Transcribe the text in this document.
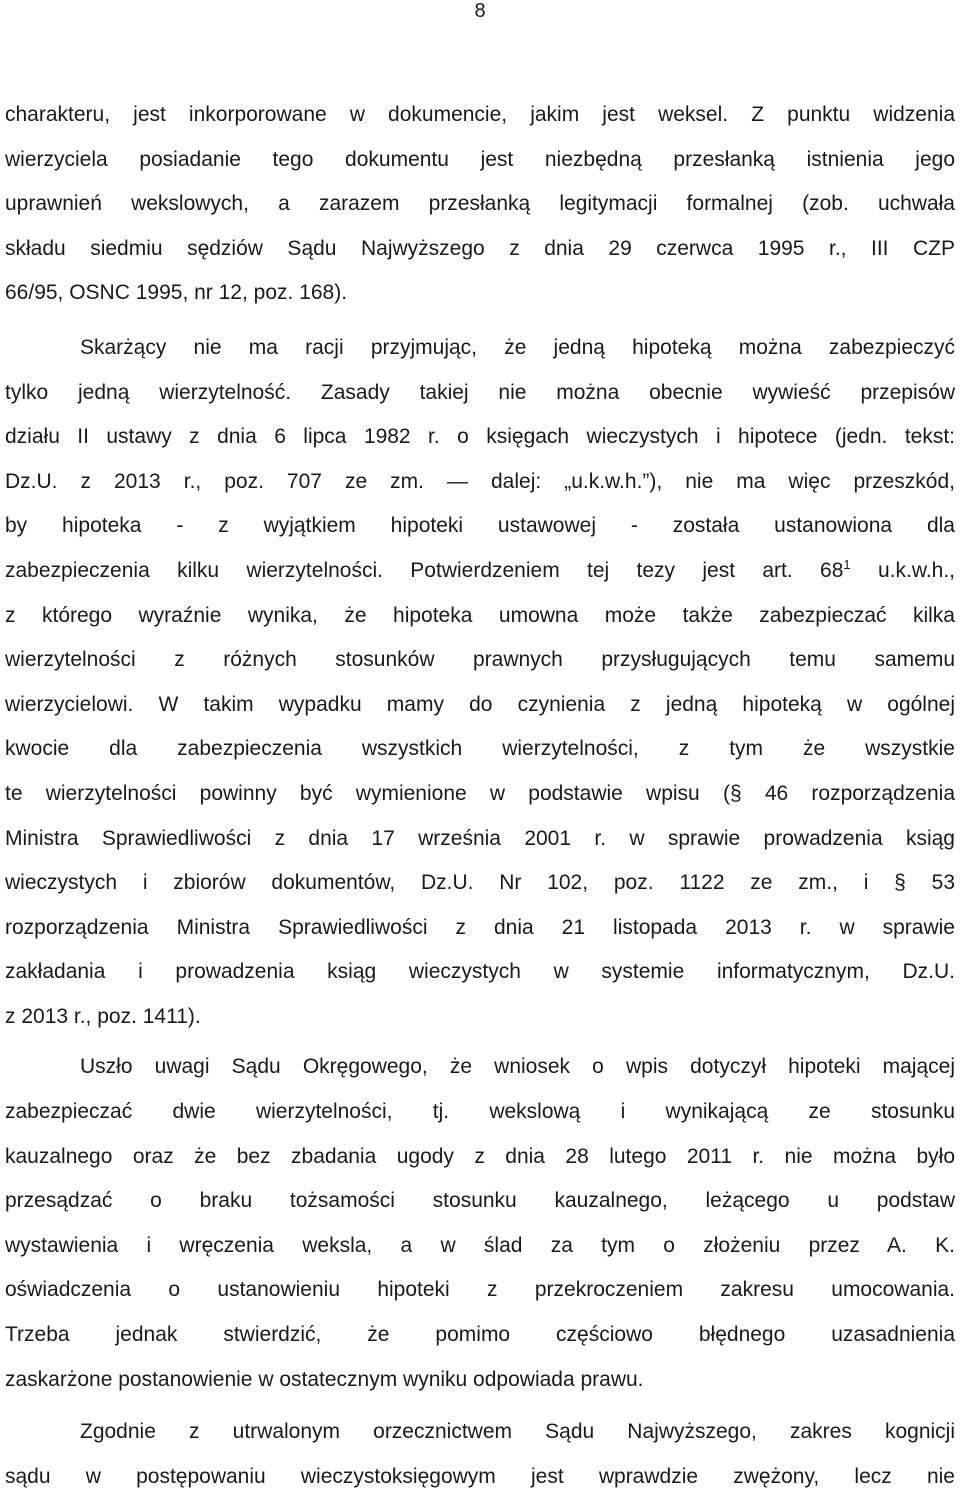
8
charakteru, jest inkorporowane w dokumencie, jakim jest weksel. Z punktu widzenia
wierzyciela posiadanie tego dokumentu jest niezbędną przesłanką istnienia jego
uprawnień wekslowych, a zarazem przesłanką legitymacji formalnej (zob. uchwała
składu siedmiu sędziów Sądu Najwyższego z dnia 29 czerwca 1995 r., III CZP
66/95, OSNC 1995, nr 12, poz. 168).
Skarżący nie ma racji przyjmując, że jedną hipoteką można zabezpieczyć
tylko jedną wierzytelność. Zasady takiej nie można obecnie wywieść przepisów
działu II ustawy z dnia 6 lipca 1982 r. o księgach wieczystych i hipotece (jedn. tekst:
Dz.U. z 2013 r., poz. 707 ze zm. — dalej: „u.k.w.h.”), nie ma więc przeszkód,
by hipoteka - z wyjątkiem hipoteki ustawowej - została ustanowiona dla
zabezpieczenia kilku wierzytelności. Potwierdzeniem tej tezy jest art. $68^1$ u.k.w.h.,
z którego wyraźnie wynika, że hipoteka umowna może także zabezpieczać kilka
wierzytelności z różnych stosunków prawnych przysługujących temu samemu
wierzycielowi. W takim wypadku mamy do czynienia z jedną hipoteką w ogólnej
kwocie dla zabezpieczenia wszystkich wierzytelności, z tym że wszystkie
te wierzytelności powinny być wymienione w podstawie wpisu (§ 46 rozporządzenia
Ministra Sprawiedliwości z dnia 17 września 2001 r. w sprawie prowadzenia ksiąg
wieczystych i zbiorów dokumentów, Dz.U. Nr 102, poz. 1122 ze zm., i § 53
rozporządzenia Ministra Sprawiedliwości z dnia 21 listopada 2013 r. w sprawie
zakładania i prowadzenia ksiąg wieczystych w systemie informatycznym, Dz.U.
z 2013 r., poz. 1411).
Uszło uwagi Sądu Okręgowego, że wniosek o wpis dotyczył hipoteki mającej
zabezpieczać dwie wierzytelności, tj. wekslową i wynikającą ze stosunku
kauzalnego oraz że bez zbadania ugody z dnia 28 lutego 2011 r. nie można było
przesądzać o braku tożsamości stosunku kauzalnego, leżącego u podstaw
wystawienia i wręczenia weksla, a w ślad za tym o złożeniu przez A. K.
oświadczenia o ustanowieniu hipoteki z przekroczeniem zakresu umocowania.
Trzeba jednak stwierdzić, że pomimo częściowo błędnego uzasadnienia
zaskarżone postanowienie w ostatecznym wyniku odpowiada prawu.
Zgodnie z utrwalonym orzecznictwem Sądu Najwyższego, zakres kognicji
sądu w postępowaniu wieczystoksięgowym jest wprawdzie zwężony, lecz nie
